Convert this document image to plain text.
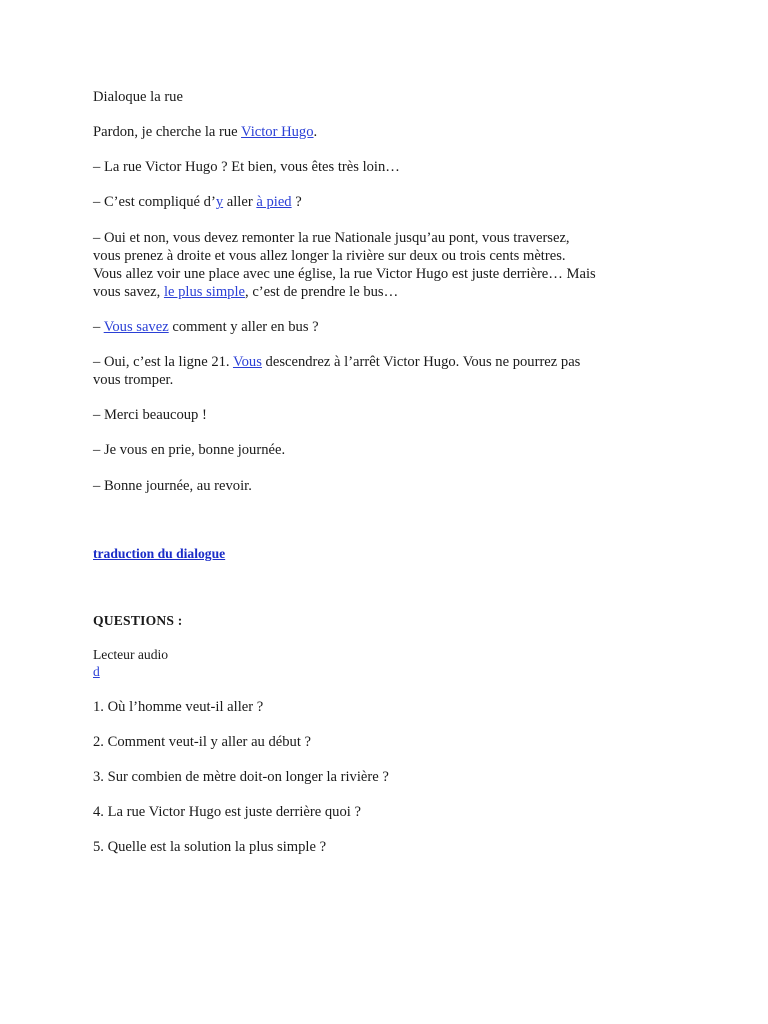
Dialoque la rue
Pardon, je cherche la rue Victor Hugo.
– La rue Victor Hugo ? Et bien, vous êtes très loin…
– C’est compliqué d’y aller à pied ?
– Oui et non, vous devez remonter la rue Nationale jusqu’au pont, vous traversez,
vous prenez à droite et vous allez longer la rivière sur deux ou trois cents mètres.
Vous allez voir une place avec une église, la rue Victor Hugo est juste derrière… Mais
vous savez, le plus simple, c’est de prendre le bus…
– Vous savez comment y aller en bus ?
– Oui, c’est la ligne 21. Vous descendrez à l’arrêt Victor Hugo. Vous ne pourrez pas
vous tromper.
– Merci beaucoup !
– Je vous en prie, bonne journée.
– Bonne journée, au revoir.
traduction du dialogue
QUESTIONS :
Lecteur audio
d
1. Où l’homme veut-il aller ?
2. Comment veut-il y aller au début ?
3. Sur combien de mètre doit-on longer la rivière ?
4. La rue Victor Hugo est juste derrière quoi ?
5. Quelle est la solution la plus simple ?
